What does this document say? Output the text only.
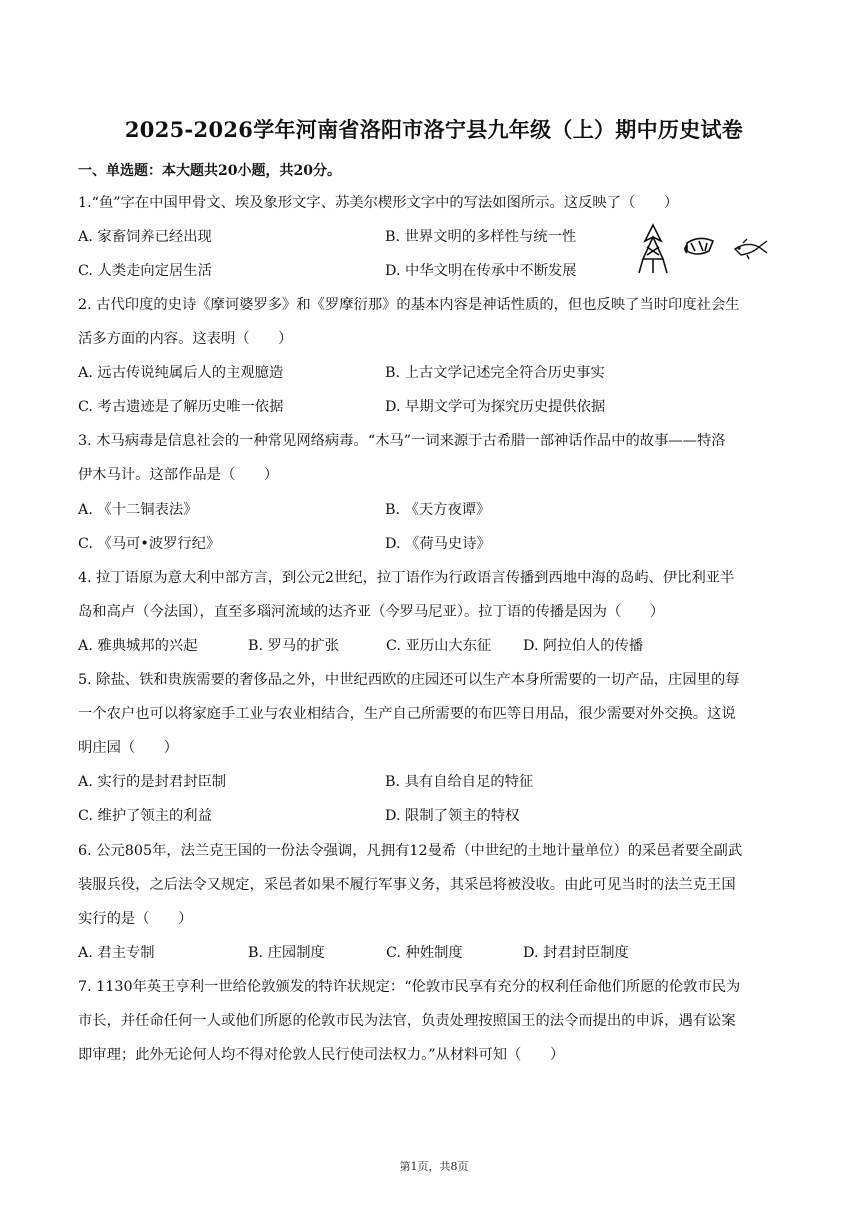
2025-2026学年河南省洛阳市洛宁县九年级（上）期中历史试卷
一、单选题：本大题共20小题，共20分。
1.“鱼”字在中国甲骨文、埃及象形文字、苏美尔楔形文字中的写法如图所示。这反映了（　　）
A. 家畜饲养已经出现	B. 世界文明的多样性与统一性
C. 人类走向定居生活	D. 中华文明在传承中不断发展
2. 古代印度的史诗《摩诃婆罗多》和《罗摩衍那》的基本内容是神话性质的，但也反映了当时印度社会生
活多方面的内容。这表明（　　）
A. 远古传说纯属后人的主观臆造	B. 上古文学记述完全符合历史事实
C. 考古遗迹是了解历史唯一依据	D. 早期文学可为探究历史提供依据
3. 木马病毒是信息社会的一种常见网络病毒。“木马”一词来源于古希腊一部神话作品中的故事——特洛
伊木马计。这部作品是（　　）
A. 《十二铜表法》	B. 《天方夜谭》
C. 《马可•波罗行纪》	D. 《荷马史诗》
4. 拉丁语原为意大利中部方言，到公元2世纪，拉丁语作为行政语言传播到西地中海的岛屿、伊比利亚半
岛和高卢（今法国），直至多瑙河流域的达齐亚（今罗马尼亚）。拉丁语的传播是因为（　　）
A. 雅典城邦的兴起	B. 罗马的扩张	C. 亚历山大东征 D. 阿拉伯人的传播
5. 除盐、铁和贵族需要的奢侈品之外，中世纪西欧的庄园还可以生产本身所需要的一切产品，庄园里的每
一个农户也可以将家庭手工业与农业相结合，生产自己所需要的布匹等日用品，很少需要对外交换。这说
明庄园（　　）
A. 实行的是封君封臣制	B. 具有自给自足的特征
C. 维护了领主的利益	D. 限制了领主的特权
6. 公元805年，法兰克王国的一份法令强调，凡拥有12曼希（中世纪的土地计量单位）的采邑者要全副武
装服兵役，之后法令又规定，采邑者如果不履行军事义务，其采邑将被没收。由此可见当时的法兰克王国
实行的是（　　）
A. 君主专制	B. 庄园制度	C. 种姓制度	D. 封君封臣制度
7. 1130年英王亨利一世给伦敦颁发的特许状规定：“伦敦市民享有充分的权利任命他们所愿的伦敦市民为
市长，并任命任何一人或他们所愿的伦敦市民为法官，负责处理按照国王的法令而提出的申诉，遇有讼案
即审理；此外无论何人均不得对伦敦人民行使司法权力。”从材料可知（　　）
第1页，共8页
